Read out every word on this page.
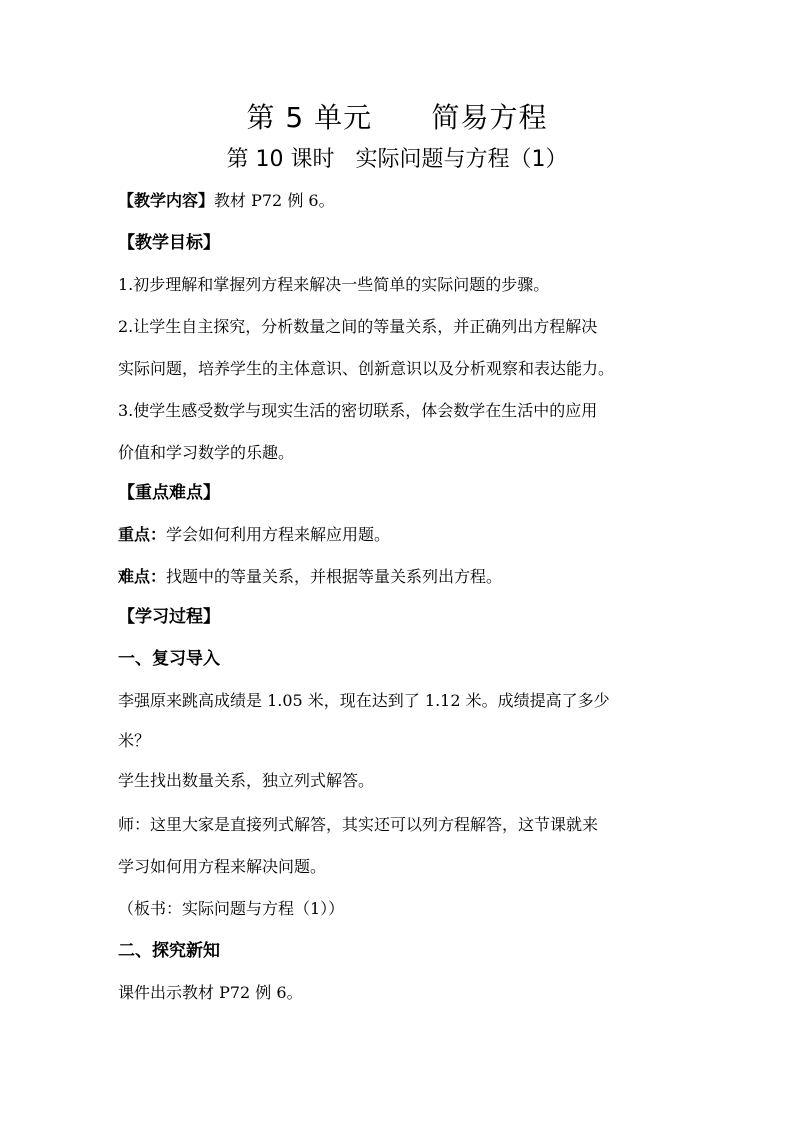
第 5 单元      简易方程
第 10 课时   实际问题与方程（1）
【教学内容】教材 P72 例 6。
【教学目标】
1.初步理解和掌握列方程来解决一些简单的实际问题的步骤。
2.让学生自主探究，分析数量之间的等量关系，并正确列出方程解决
实际问题，培养学生的主体意识、创新意识以及分析观察和表达能力。
3.使学生感受数学与现实生活的密切联系，体会数学在生活中的应用
价值和学习数学的乐趣。
【重点难点】
重点：学会如何利用方程来解应用题。
难点：找题中的等量关系，并根据等量关系列出方程。
【学习过程】
一、复习导入
李强原来跳高成绩是 1.05 米，现在达到了 1.12 米。成绩提高了多少
米？
学生找出数量关系，独立列式解答。
师：这里大家是直接列式解答，其实还可以列方程解答，这节课就来
学习如何用方程来解决问题。
（板书：实际问题与方程（1））
二、探究新知
课件出示教材 P72 例 6。
